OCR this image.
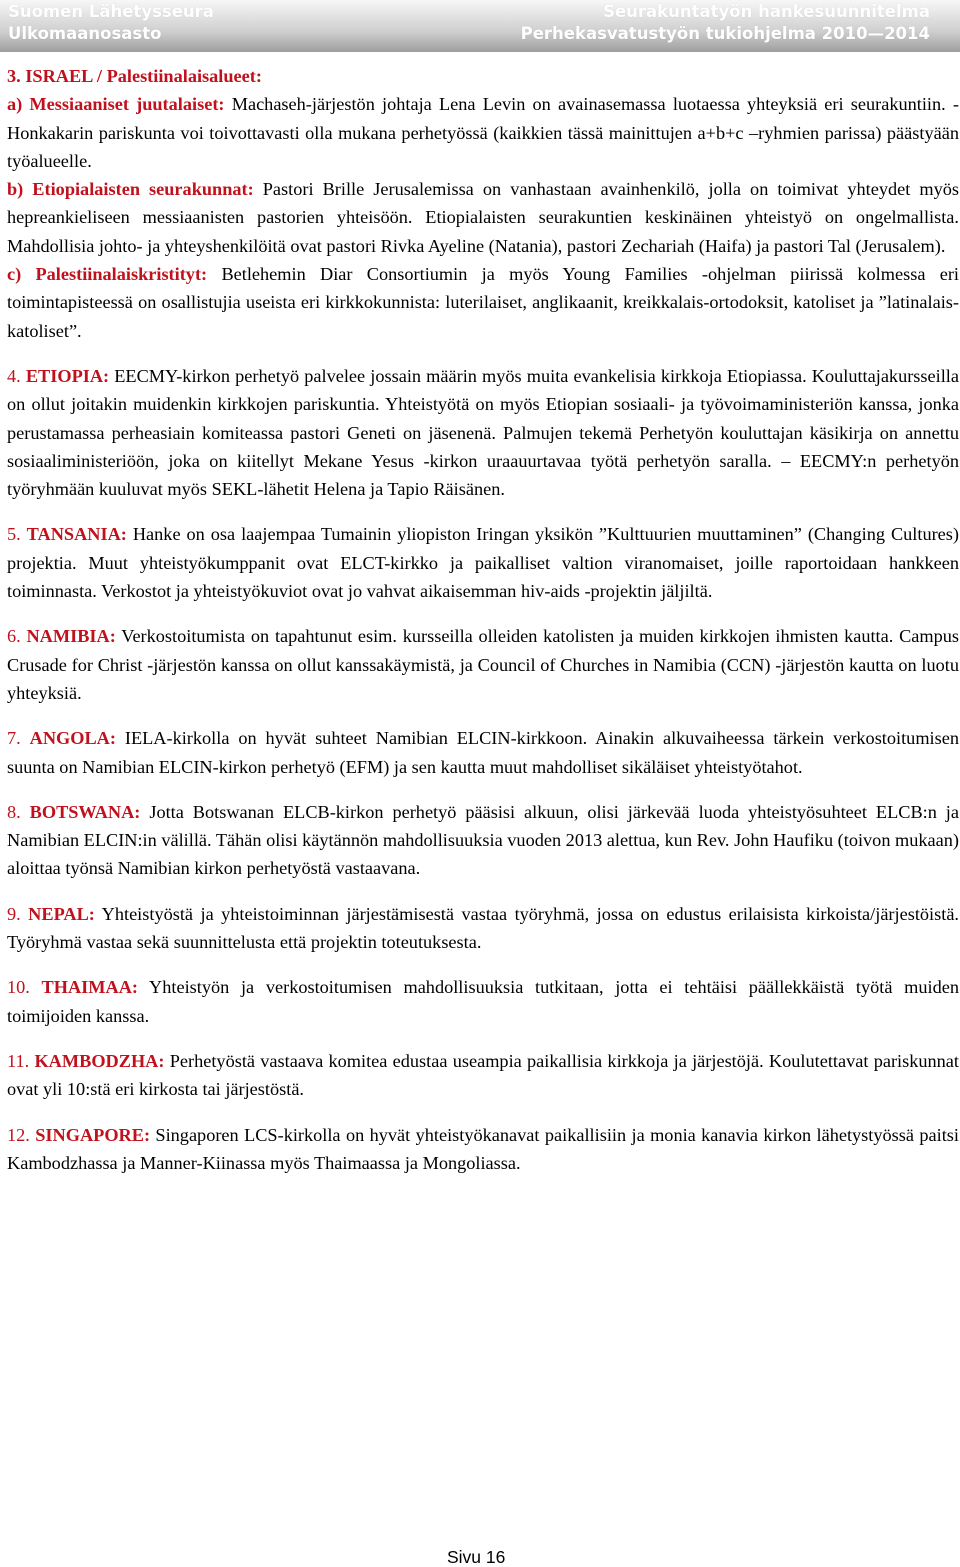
Suomen Lähetysseura
Ulkomaanosasto
Seurakuntatyön hankesuunnitelma
Perhekasvatustyön tukiohjelma 2010—2014

3. ISRAEL / Palestiinalaisalueet:

a) Messiaaniset juutalaiset: Machaseh-järjestön johtaja Lena Levin on avainasemassa luotaessa yhteyksiä eri seurakuntiin. - Honkakarin pariskunta voi toivottavasti olla mukana perhetyössä (kaikkien tässä mainittujen a+b+c –ryhmien parissa) päästyään työalueelle.

b) Etiopialaisten seurakunnat: Pastori Brille Jerusalemissa on vanhastaan avainhenkilö, jolla on toimivat yhteydet myös hepreankieliseen messiaanisten pastorien yhteisöön. Etiopialaisten seurakuntien keskinäinen yhteistyö on ongelmallista. Mahdollisia johto- ja yhteyshenkilöitä ovat pastori Rivka Ayeline (Natania), pastori Zechariah (Haifa) ja pastori Tal (Jerusalem).

c) Palestiinalaiskristityt: Betlehemin Diar Consortiumin ja myös Young Families -ohjelman piirissä kolmessa eri toimintapisteessä on osallistujia useista eri kirkkokunnista: luterilaiset, anglikaanit, kreikkalais-ortodoksit, katoliset ja ”latinalais-katoliset”.

4. ETIOPIA: EECMY-kirkon perhetyö palvelee jossain määrin myös muita evankelisia kirkkoja Etiopiassa. Kouluttajakursseilla on ollut joitakin muidenkin kirkkojen pariskuntia. Yhteistyötä on myös Etiopian sosiaali- ja työvoimaministeriön kanssa, jonka perustamassa perheasiain komiteassa pastori Geneti on jäsenenä. Palmujen tekemä Perhetyön kouluttajan käsikirja on annettu sosiaaliministeriöön, joka on kiitellyt Mekane Yesus -kirkon uraauurtavaa työtä perhetyön saralla. – EECMY:n perhetyön työryhmään kuuluvat myös SEKL-lähetit Helena ja Tapio Räisänen.

5. TANSANIA: Hanke on osa laajempaa Tumainin yliopiston Iringan yksikön ”Kulttuurien muuttaminen” (Changing Cultures) projektia. Muut yhteistyökumppanit ovat ELCT-kirkko ja paikalliset valtion viranomaiset, joille raportoidaan hankkeen toiminnasta. Verkostot ja yhteistyökuviot ovat jo vahvat aikaisemman hiv-aids -projektin jäljiltä.

6. NAMIBIA: Verkostoitumista on tapahtunut esim. kursseilla olleiden katolisten ja muiden kirkkojen ihmisten kautta. Campus Crusade for Christ -järjestön kanssa on ollut kanssakäymistä, ja Council of Churches in Namibia (CCN) -järjestön kautta on luotu yhteyksiä.

7. ANGOLA: IELA-kirkolla on hyvät suhteet Namibian ELCIN-kirkkoon. Ainakin alkuvaiheessa tärkein verkostoitumisen suunta on Namibian ELCIN-kirkon perhetyö (EFM) ja sen kautta muut mahdolliset sikäläiset yhteistyötahot.

8. BOTSWANA: Jotta Botswanan ELCB-kirkon perhetyö pääsisi alkuun, olisi järkevää luoda yhteistyösuhteet ELCB:n ja Namibian ELCIN:in välillä. Tähän olisi käytännön mahdollisuuksia vuoden 2013 alettua, kun Rev. John Haufiku (toivon mukaan) aloittaa työnsä Namibian kirkon perhetyöstä vastaavana.

9. NEPAL: Yhteistyöstä ja yhteistoiminnan järjestämisestä vastaa työryhmä, jossa on edustus erilaisista kirkoista/järjestöistä. Työryhmä vastaa sekä suunnittelusta että projektin toteutuksesta.

10. THAIMAA: Yhteistyön ja verkostoitumisen mahdollisuuksia tutkitaan, jotta ei tehtäisi päällekkäistä työtä muiden toimijoiden kanssa.

11. KAMBODZHA: Perhetyöstä vastaava komitea edustaa useampia paikallisia kirkkoja ja järjestöjä. Koulutettavat pariskunnat ovat yli 10:stä eri kirkosta tai järjestöstä.

12. SINGAPORE: Singaporen LCS-kirkolla on hyvät yhteistyökanavat paikallisiin ja monia kanavia kirkon lähetystyössä paitsi Kambodzhassa ja Manner-Kiinassa myös Thaimaassa ja Mongoliassa.

Sivu 16
